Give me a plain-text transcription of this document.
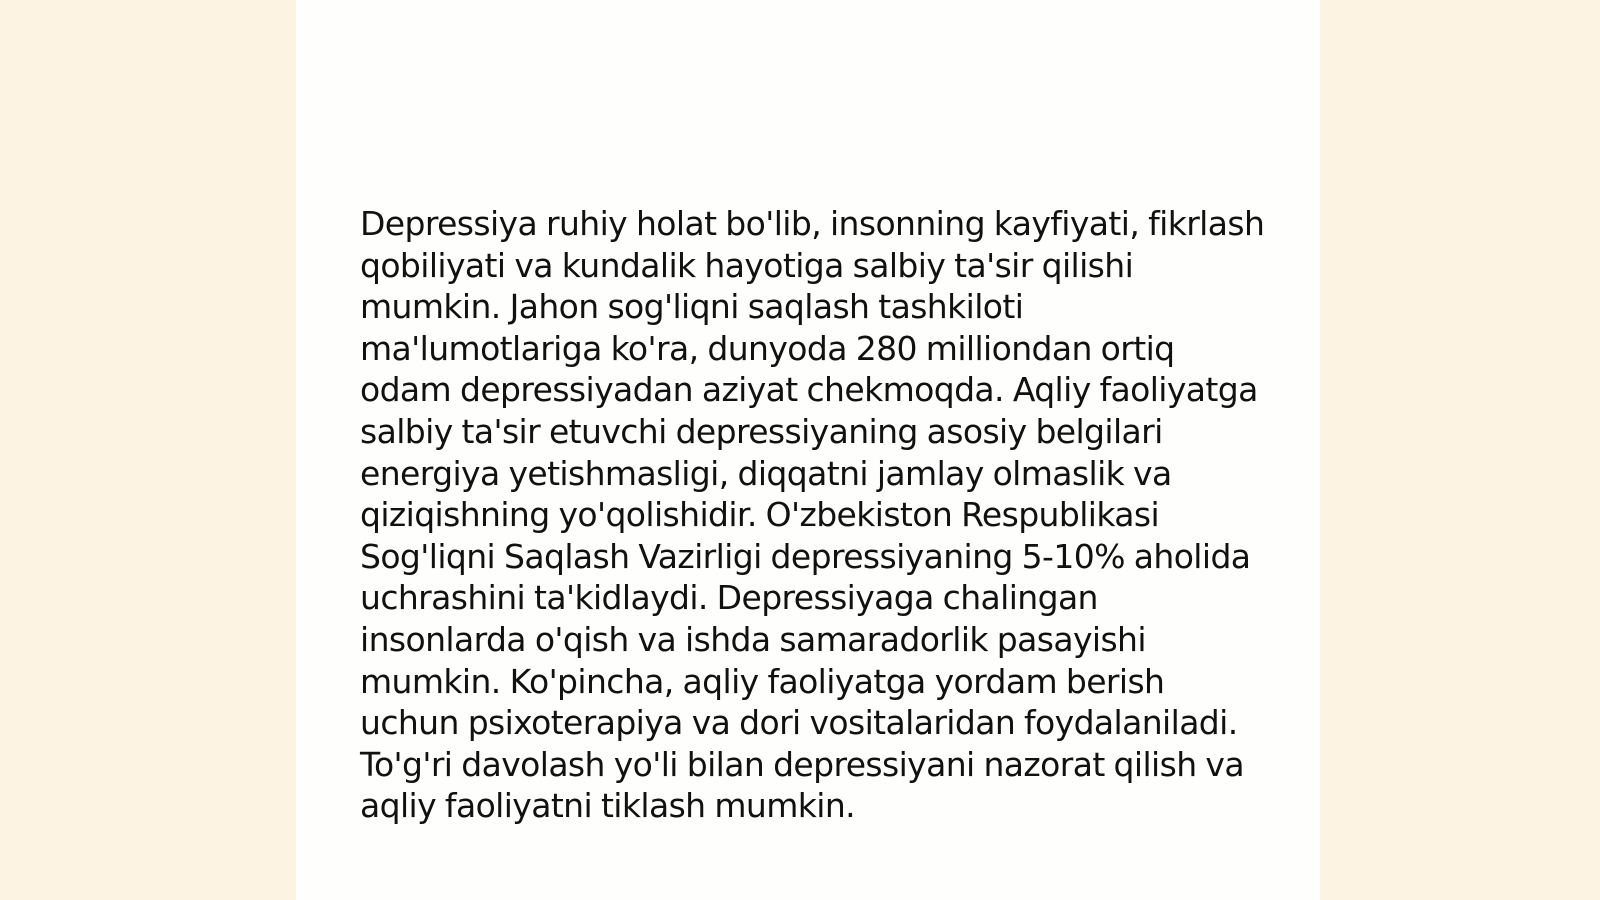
Depressiya ruhiy holat bo'lib, insonning kayfiyati, fikrlash qobiliyati va kundalik hayotiga salbiy ta'sir qilishi mumkin. Jahon sog'liqni saqlash tashkiloti ma'lumotlariga ko'ra, dunyoda 280 milliondan ortiq odam depressiyadan aziyat chekmoqda. Aqliy faoliyatga salbiy ta'sir etuvchi depressiyaning asosiy belgilari energiya yetishmasligi, diqqatni jamlay olmaslik va qiziqishning yo'qolishidir. O'zbekiston Respublikasi Sog'liqni Saqlash Vazirligi depressiyaning 5-10% aholida uchrashini ta'kidlaydi. Depressiyaga chalingan insonlarda o'qish va ishda samaradorlik pasayishi mumkin. Ko'pincha, aqliy faoliyatga yordam berish uchun psixoterapiya va dori vositalaridan foydalaniladi. To'g'ri davolash yo'li bilan depressiyani nazorat qilish va aqliy faoliyatni tiklash mumkin.
